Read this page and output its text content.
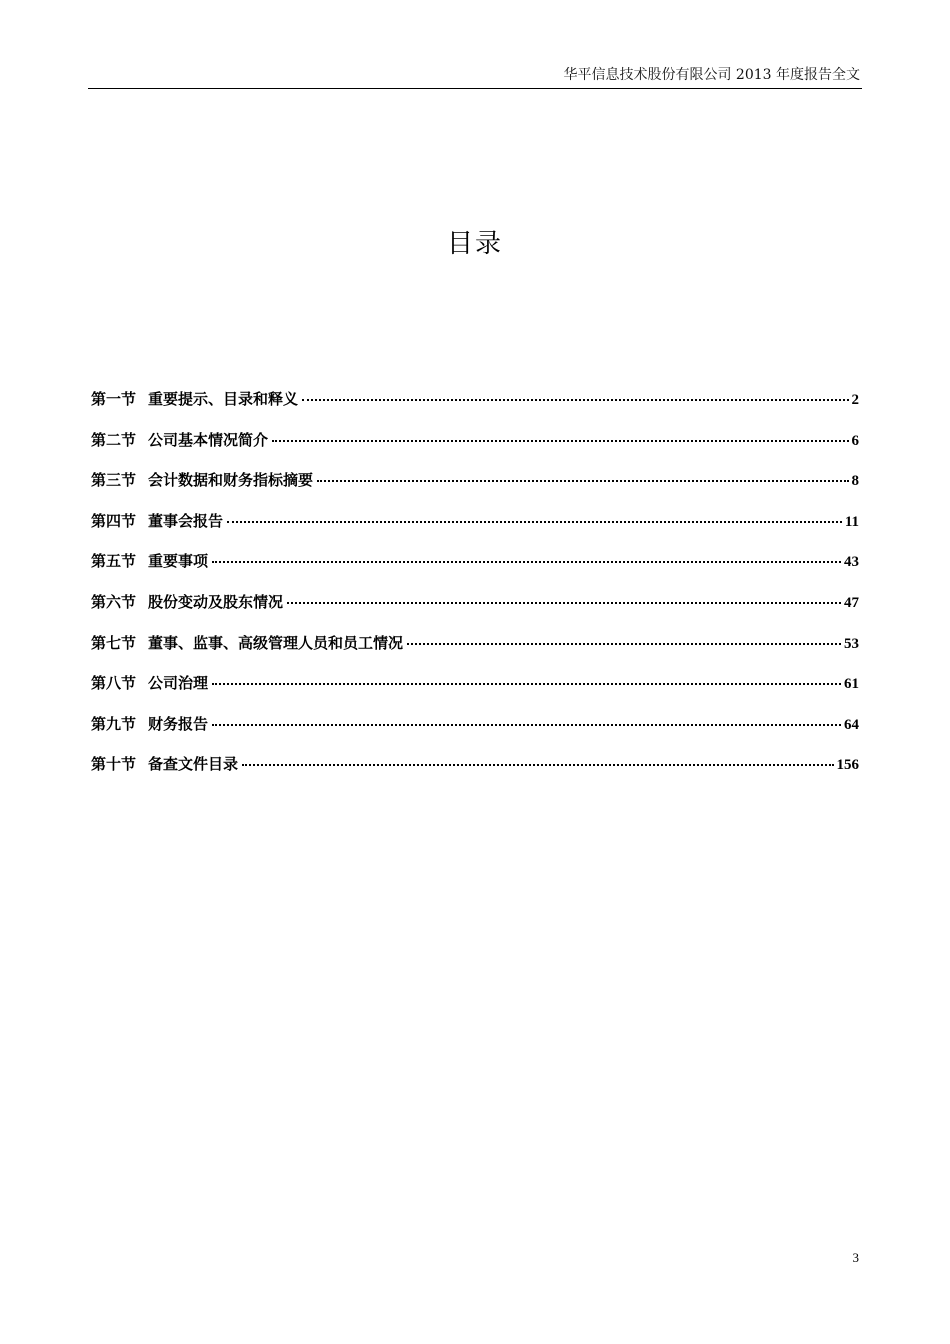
华平信息技术股份有限公司 2013 年度报告全文
目录
第一节 重要提示、目录和释义	2
第二节 公司基本情况简介	6
第三节 会计数据和财务指标摘要	8
第四节 董事会报告	11
第五节 重要事项	43
第六节 股份变动及股东情况	47
第七节 董事、监事、高级管理人员和员工情况	53
第八节 公司治理	61
第九节 财务报告	64
第十节 备查文件目录	156
3
